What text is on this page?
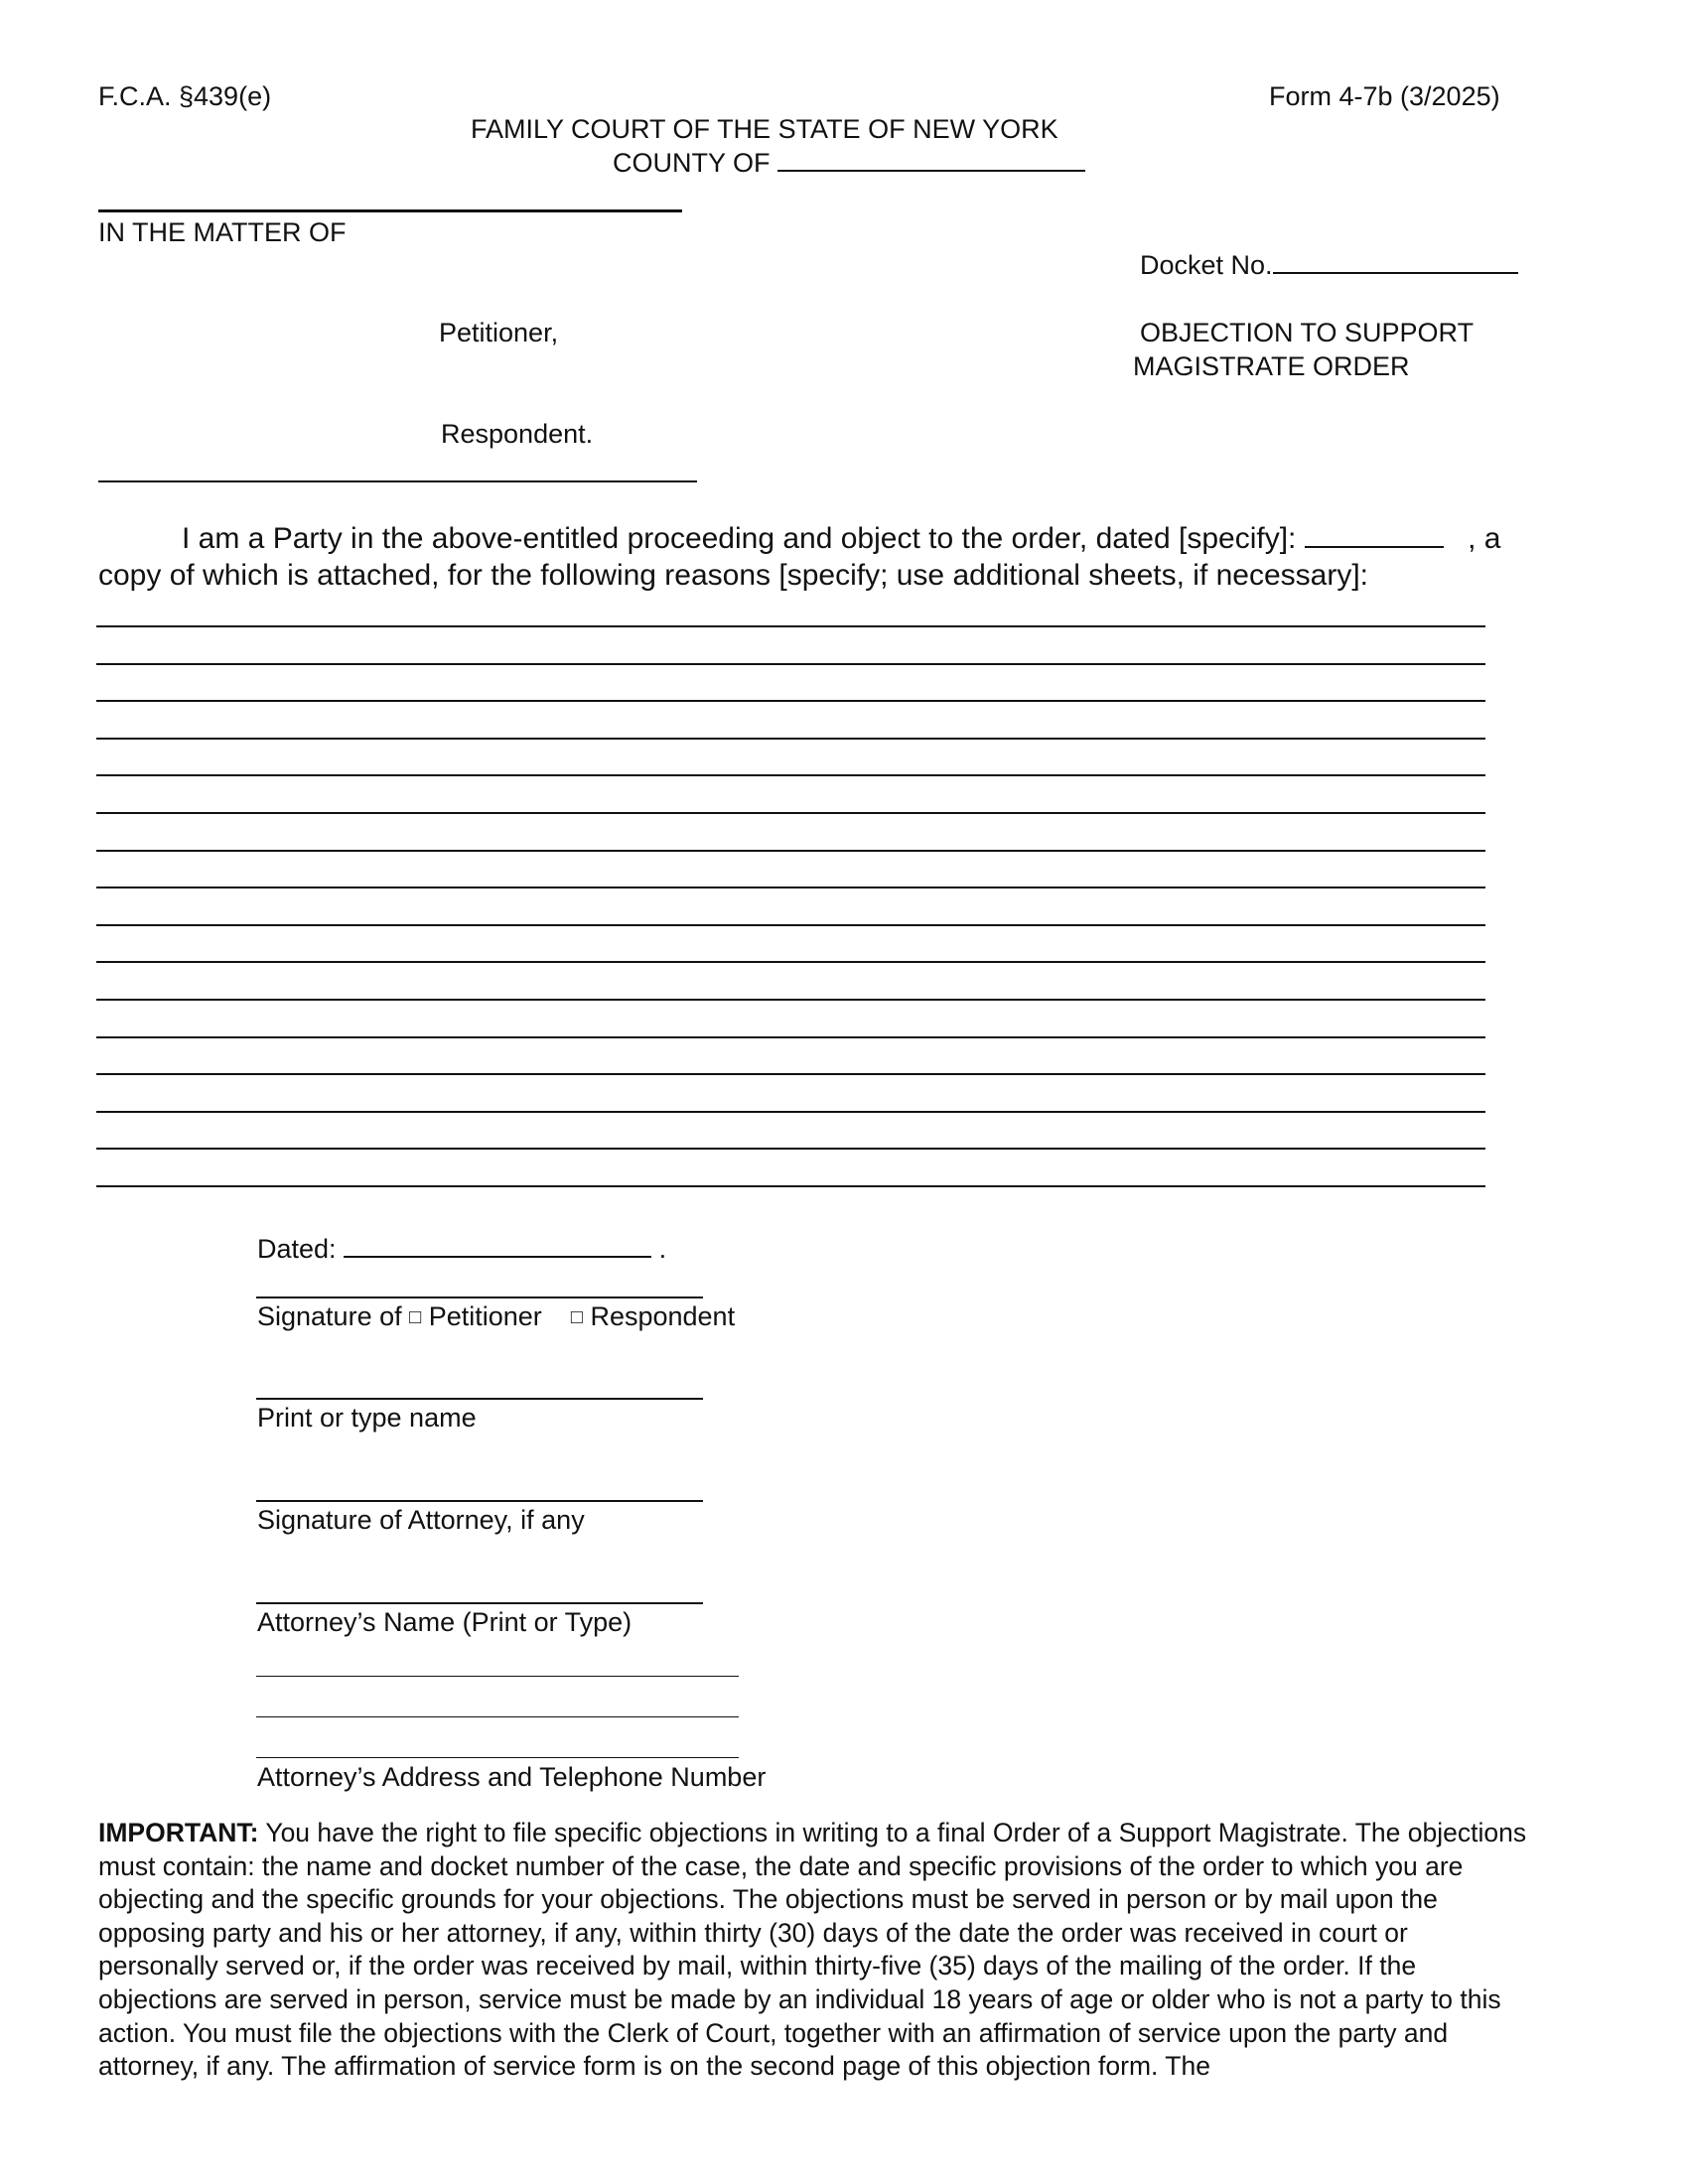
F.C.A. §439(e)	Form 4-7b (3/2025)
FAMILY COURT OF THE STATE OF NEW YORK
COUNTY OF
IN THE MATTER OF
Docket No.
Petitioner,	OBJECTION TO SUPPORT
MAGISTRATE ORDER
Respondent.
I am a Party in the above-entitled proceeding and object to the order, dated [specify]:	, a
copy of which is attached, for the following reasons [specify; use additional sheets, if necessary]:
Dated:	.
Signature of □ Petitioner □ Respondent
Print or type name
Signature of Attorney, if any
Attorney’s Name (Print or Type)
Attorney’s Address and Telephone Number
IMPORTANT: You have the right to file specific objections in writing to a final Order of a Support Magistrate. The objections must contain: the name and docket number of the case, the date and specific provisions of the order to which you are objecting and the specific grounds for your objections. The objections must be served in person or by mail upon the opposing party and his or her attorney, if any, within thirty (30) days of the date the order was received in court or personally served or, if the order was received by mail, within thirty-five (35) days of the mailing of the order. If the objections are served in person, service must be made by an individual 18 years of age or older who is not a party to this action. You must file the objections with the Clerk of Court, together with an affirmation of service upon the party and attorney, if any. The affirmation of service form is on the second page of this objection form. The
